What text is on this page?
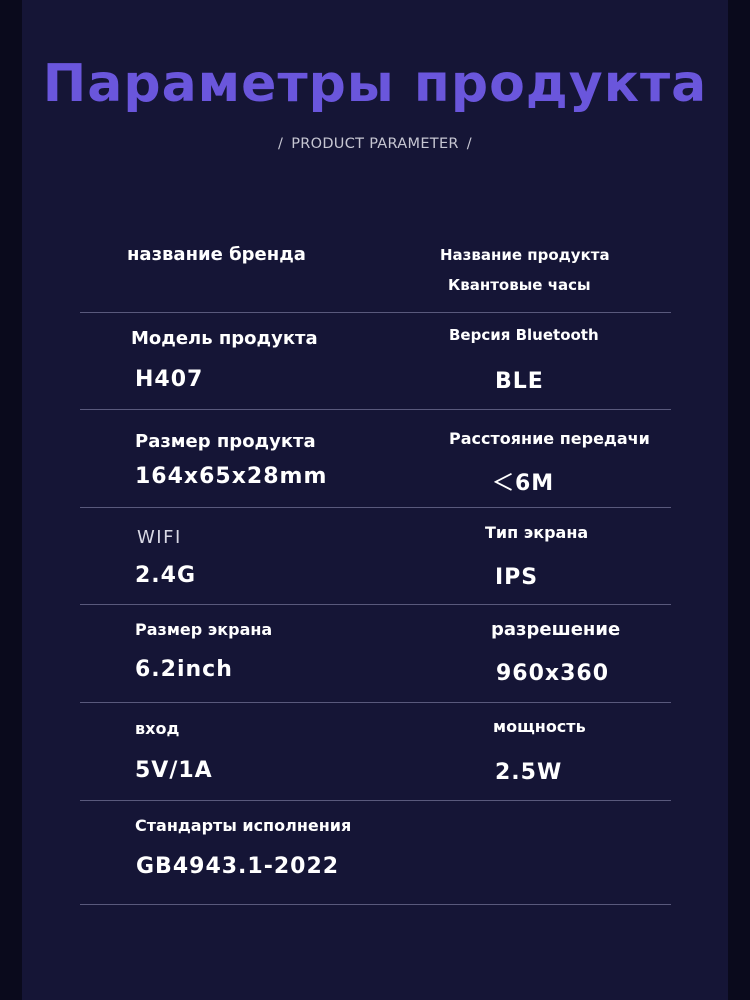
Параметры продукта
/ PRODUCT PARAMETER /
название бренда	Название продукта
Квантовые часы
Модель продукта
H407
Версия Bluetooth
BLE
Размер продукта
164x65x28mm
Расстояние передачи
＜6M
WIFI
2.4G
Тип экрана
IPS
Размер экрана
6.2inch
разрешение
960x360
вход
5V/1A
мощность
2.5W
Стандарты исполнения
GB4943.1-2022
